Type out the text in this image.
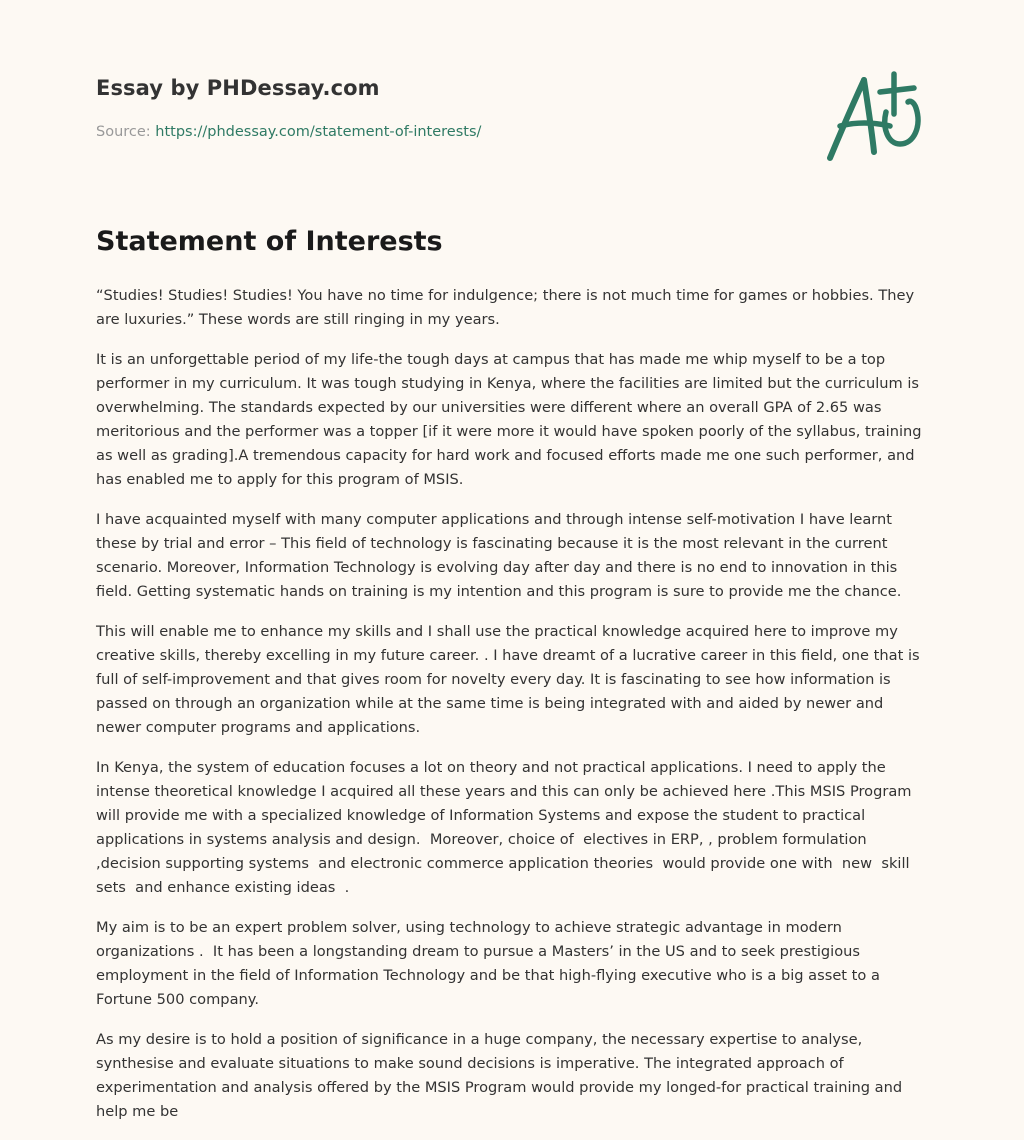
Essay by PHDessay.com
Source: https://phdessay.com/statement-of-interests/
Statement of Interests

“Studies! Studies! Studies! You have no time for indulgence; there is not much time for games or hobbies. They are luxuries.” These words are still ringing in my years.

It is an unforgettable period of my life-the tough days at campus that has made me whip myself to be a top performer in my curriculum. It was tough studying in Kenya, where the facilities are limited but the curriculum is overwhelming. The standards expected by our universities were different where an overall GPA of 2.65 was meritorious and the performer was a topper [if it were more it would have spoken poorly of the syllabus, training as well as grading].A tremendous capacity for hard work and focused efforts made me one such performer, and has enabled me to apply for this program of MSIS.

I have acquainted myself with many computer applications and through intense self-motivation I have learnt these by trial and error – This field of technology is fascinating because it is the most relevant in the current scenario. Moreover, Information Technology is evolving day after day and there is no end to innovation in this field. Getting systematic hands on training is my intention and this program is sure to provide me the chance.

This will enable me to enhance my skills and I shall use the practical knowledge acquired here to improve my creative skills, thereby excelling in my future career. . I have dreamt of a lucrative career in this field, one that is full of self-improvement and that gives room for novelty every day. It is fascinating to see how information is passed on through an organization while at the same time is being integrated with and aided by newer and newer computer programs and applications.

In Kenya, the system of education focuses a lot on theory and not practical applications. I need to apply the intense theoretical knowledge I acquired all these years and this can only be achieved here .This MSIS Program will provide me with a specialized knowledge of Information Systems and expose the student to practical applications in systems analysis and design.  Moreover, choice of  electives in ERP, , problem formulation ,decision supporting systems  and electronic commerce application theories  would provide one with  new  skill sets  and enhance existing ideas  .

My aim is to be an expert problem solver, using technology to achieve strategic advantage in modern organizations .  It has been a longstanding dream to pursue a Masters’ in the US and to seek prestigious employment in the field of Information Technology and be that high-flying executive who is a big asset to a Fortune 500 company.

As my desire is to hold a position of significance in a huge company, the necessary expertise to analyse, synthesise and evaluate situations to make sound decisions is imperative. The integrated approach of experimentation and analysis offered by the MSIS Program would provide my longed-for practical training and help me be
